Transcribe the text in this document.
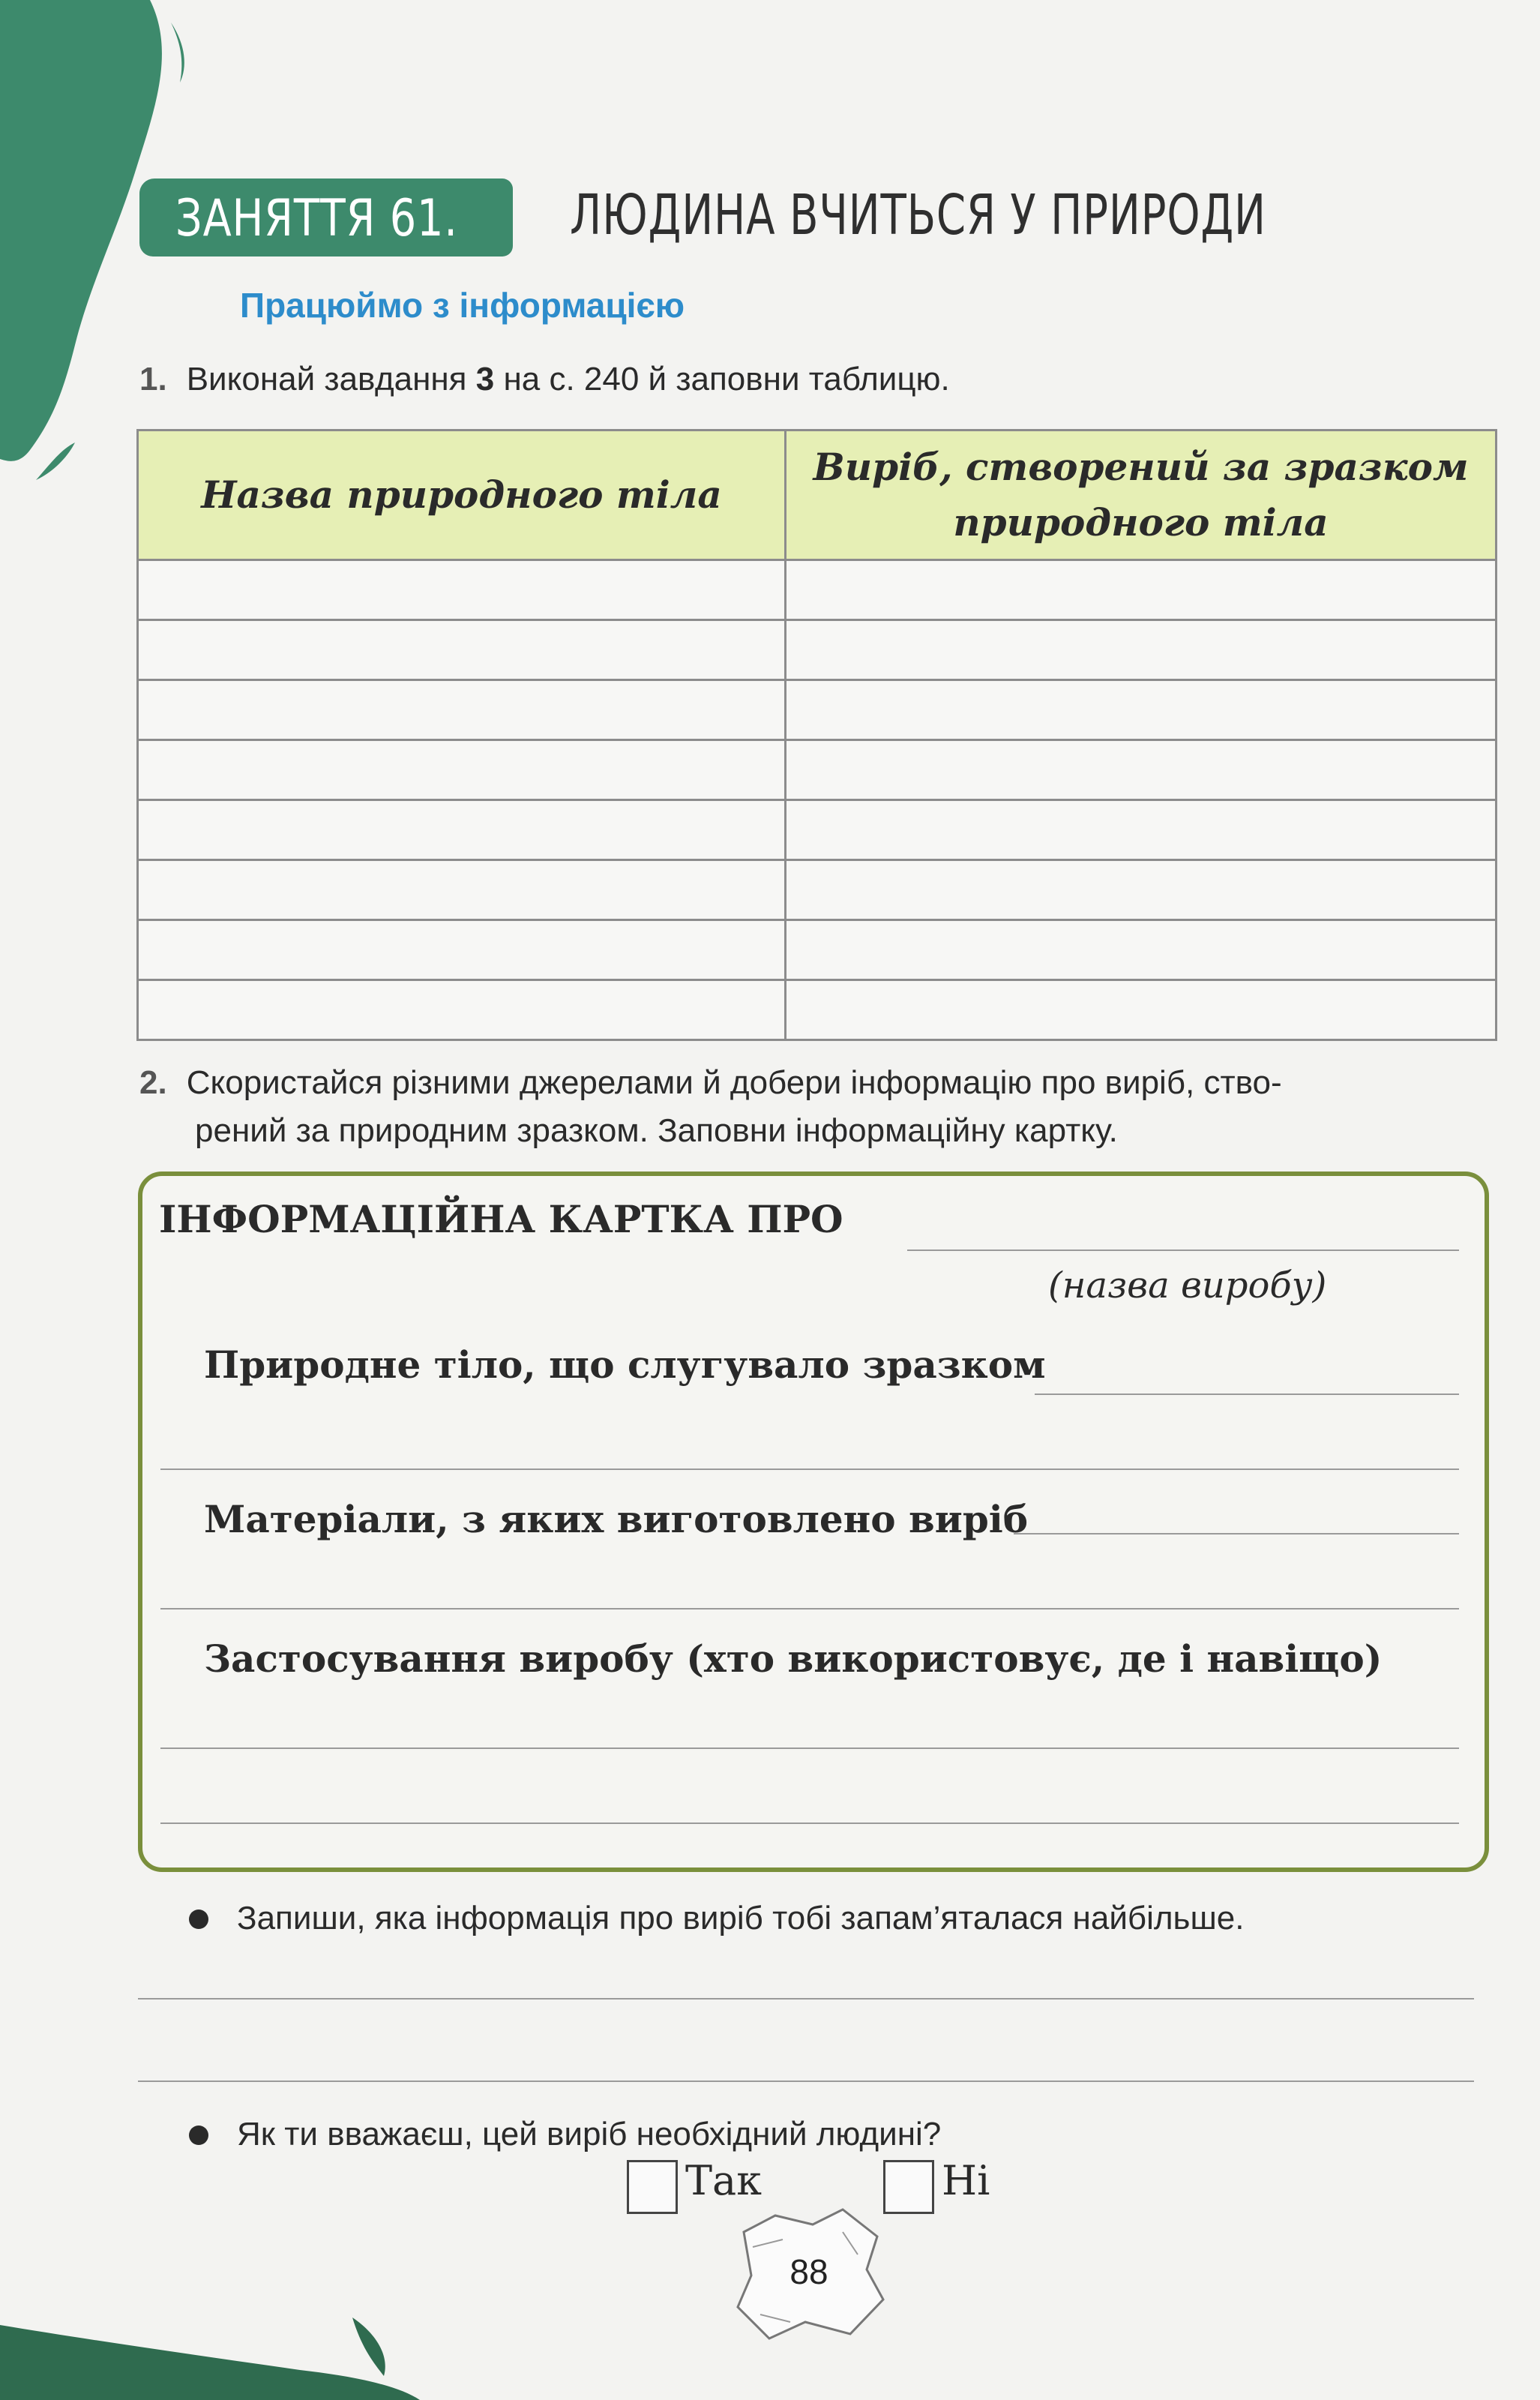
ЗАНЯТТЯ 61. ЛЮДИНА ВЧИТЬСЯ У ПРИРОДИ
Працюймо з інформацією
1. Виконай завдання 3 на с. 240 й заповни таблицю.
Назва природного тіла	Виріб, створений за зразком природного тіла

2. Скористайся різними джерелами й добери інформацію про виріб, ство-
рений за природним зразком. Заповни інформаційну картку.
ІНФОРМАЦІЙНА КАРТКА ПРО
(назва виробу)
Природне тіло, що слугувало зразком
Матеріали, з яких виготовлено виріб
Застосування виробу (хто використовує, де і навіщо)
Запиши, яка інформація про виріб тобі запам’яталася найбільше.
Як ти вважаєш, цей виріб необхідний людині?
Так	Ні
88
